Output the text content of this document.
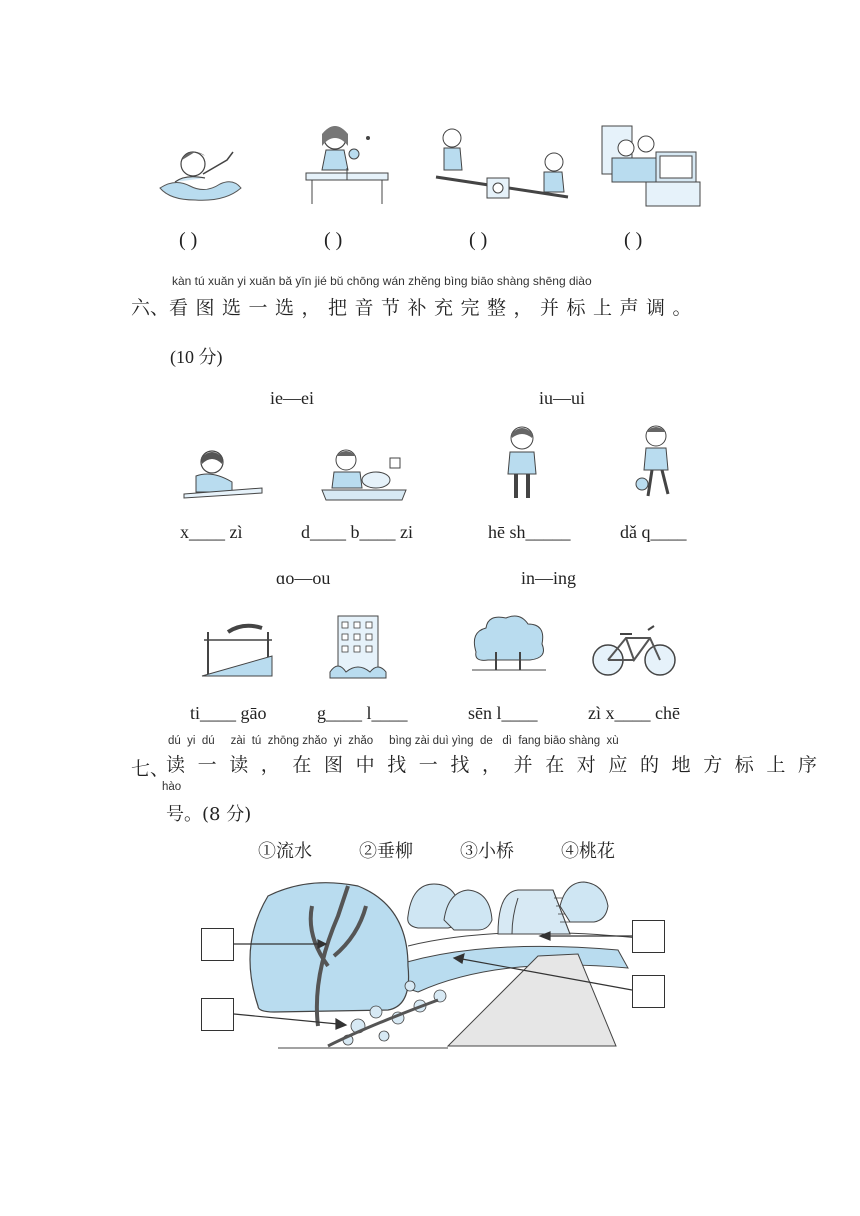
( )	( )	( )	( )
kàn tú xuǎn yi xuǎn bǎ yīn jié bǔ chōng wán zhěng bìng biāo shàng shēng diào
六、 看图选一选，把音节补充完整，并标上声调。
(10 分)
ie—ei	iu—ui
x____ zì	d____ b____ zi	hē sh_____	dǎ q____
ɑo—ou	in—ing
ti____ gāo	g____ l____	sēn l____	zì x____ chē
dú  yi  dú     zài  tú  zhōng zhǎo  yi  zhǎo     bìng zài duì yìng  de   dì  fang biāo shàng  xù
七、
读一读，在图中找一找，并在对应的地方标上序
hào
号。(8 分)
①流水	②垂柳	③小桥	④桃花
